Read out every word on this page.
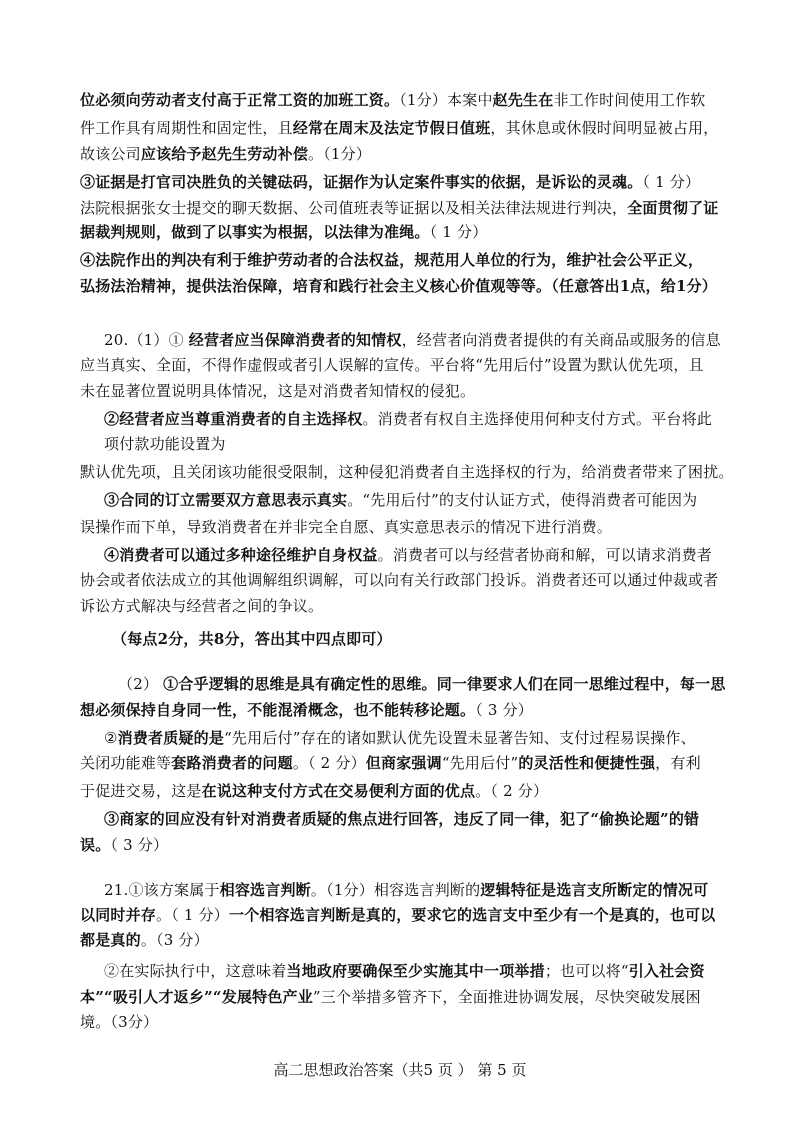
位必须向劳动者支付高于正常工资的加班工资。（1分）本案中赵先生在非工作时间使用工作软
件工作具有周期性和固定性，且经常在周末及法定节假日值班，其休息或休假时间明显被占用，
故该公司应该给予赵先生劳动补偿。（1分）
③证据是打官司决胜负的关键砝码，证据作为认定案件事实的依据，是诉讼的灵魂。（ 1 分）
法院根据张女士提交的聊天数据、公司值班表等证据以及相关法律法规进行判决，全面贯彻了证
据裁判规则，做到了以事实为根据，以法律为准绳。（ 1 分）
④法院作出的判决有利于维护劳动者的合法权益，规范用人单位的行为，维护社会公平正义，
弘扬法治精神，提供法治保障，培育和践行社会主义核心价值观等等。（任意答出1点，给1分）
20.（1）① 经营者应当保障消费者的知情权，经营者向消费者提供的有关商品或服务的信息
应当真实、全面，不得作虚假或者引人误解的宣传。平台将“先用后付”设置为默认优先项，且
未在显著位置说明具体情况，这是对消费者知情权的侵犯。
②经营者应当尊重消费者的自主选择权。消费者有权自主选择使用何种支付方式。平台将此
项付款功能设置为
默认优先项，且关闭该功能很受限制，这种侵犯消费者自主选择权的行为，给消费者带来了困扰。
③合同的订立需要双方意思表示真实。“先用后付”的支付认证方式，使得消费者可能因为
误操作而下单，导致消费者在并非完全自愿、真实意思表示的情况下进行消费。
④消费者可以通过多种途径维护自身权益。消费者可以与经营者协商和解，可以请求消费者
协会或者依法成立的其他调解组织调解，可以向有关行政部门投诉。消费者还可以通过仲裁或者
诉讼方式解决与经营者之间的争议。
（每点2分，共8分，答出其中四点即可）
（2） ①合乎逻辑的思维是具有确定性的思维。同一律要求人们在同一思维过程中，每一思
想必须保持自身同一性，不能混淆概念，也不能转移论题。（ 3 分）
②消费者质疑的是“先用后付”存在的诸如默认优先设置未显著告知、支付过程易误操作、
关闭功能难等套路消费者的问题。（ 2 分）但商家强调“先用后付”的灵活性和便捷性强，有利
于促进交易，这是在说这种支付方式在交易便利方面的优点。（ 2 分）
③商家的回应没有针对消费者质疑的焦点进行回答，违反了同一律，犯了“偷换论题”的错
误。（ 3 分）
21.①该方案属于相容选言判断。（1分）相容选言判断的逻辑特征是选言支所断定的情况可
以同时并存。（ 1 分）一个相容选言判断是真的，要求它的选言支中至少有一个是真的，也可以
都是真的。（3 分）
②在实际执行中，这意味着当地政府要确保至少实施其中一项举措；也可以将“引入社会资
本”“吸引人才返乡”“发展特色产业”三个举措多管齐下，全面推进协调发展，尽快突破发展困
境。（3分）
高二思想政治答案（共5 页 ） 第 5 页
